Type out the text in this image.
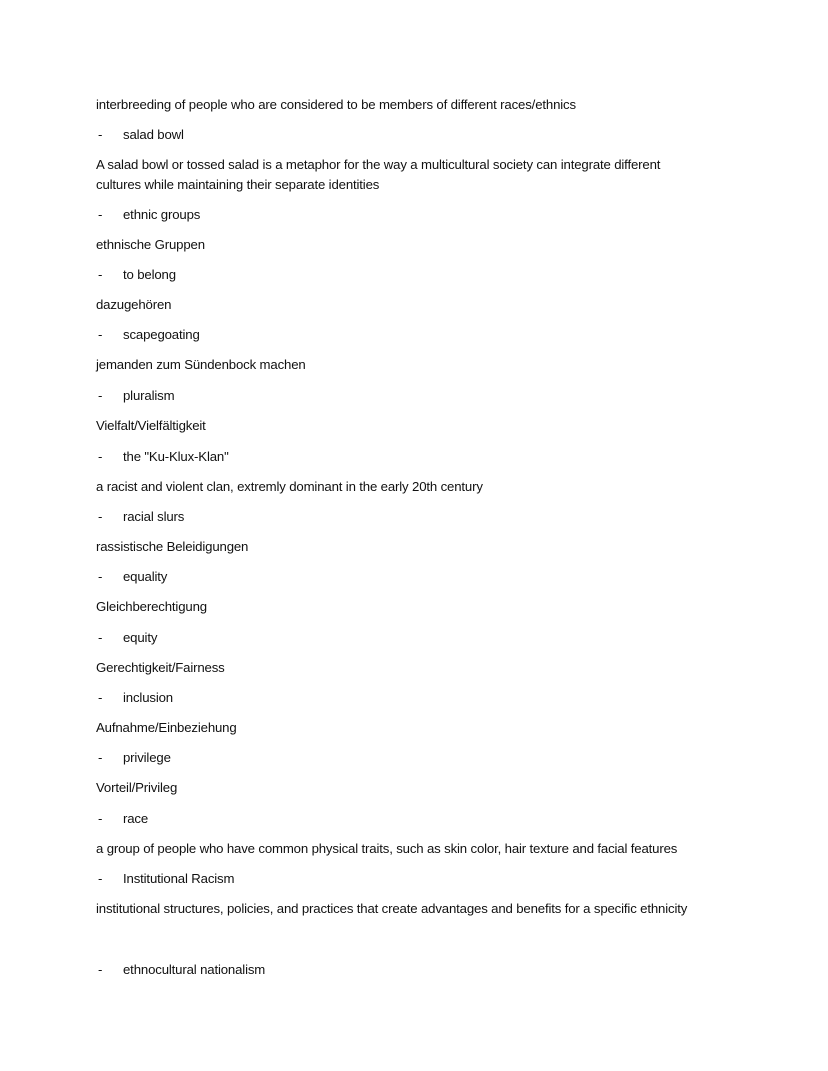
interbreeding of people who are considered to be members of different races/ethnics
- salad bowl
A salad bowl or tossed salad is a metaphor for the way a multicultural society can integrate different
cultures while maintaining their separate identities
- ethnic groups
ethnische Gruppen
- to belong
dazugehören
- scapegoating
jemanden zum Sündenbock machen
- pluralism
Vielfalt/Vielfältigkeit
- the "Ku-Klux-Klan"
a racist and violent clan, extremly dominant in the early 20th century
- racial slurs
rassistische Beleidigungen
- equality
Gleichberechtigung
- equity
Gerechtigkeit/Fairness
- inclusion
Aufnahme/Einbeziehung
- privilege
Vorteil/Privileg
- race
a group of people who have common physical traits, such as skin color, hair texture and facial features
- Institutional Racism
institutional structures, policies, and practices that create advantages and benefits for a specific ethnicity
- ethnocultural nationalism
